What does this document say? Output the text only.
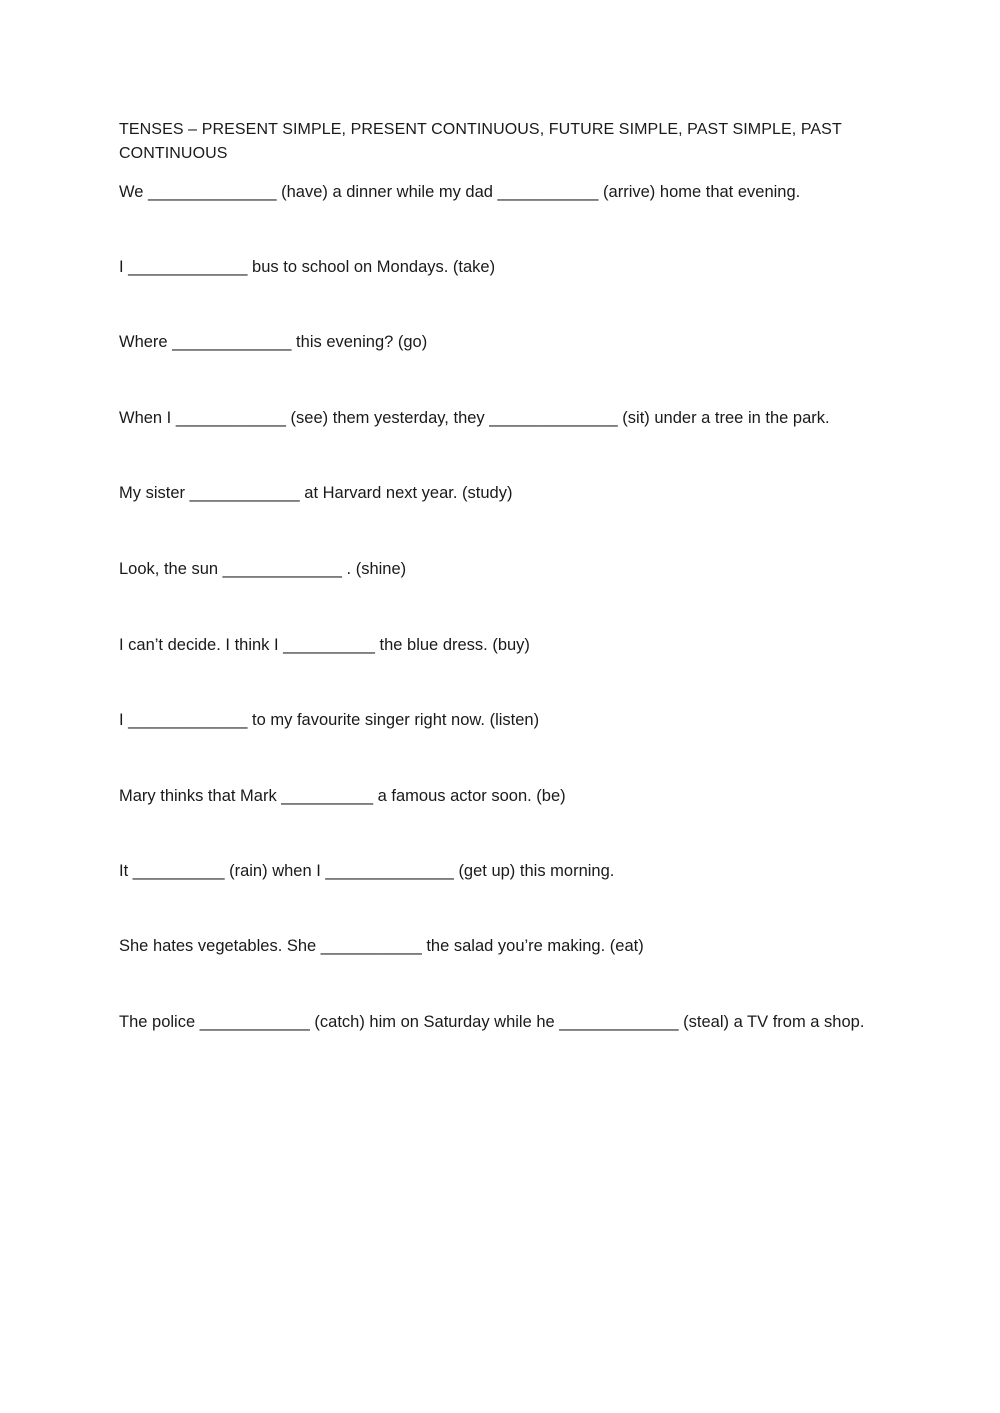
TENSES – PRESENT SIMPLE, PRESENT CONTINUOUS, FUTURE SIMPLE, PAST SIMPLE, PAST CONTINUOUS

We ______________ (have) a dinner while my dad ___________ (arrive) home that evening.

I _____________ bus to school on Mondays. (take)

Where _____________ this evening? (go)

When I ____________ (see) them yesterday, they ______________ (sit) under a tree in the park.

My sister ____________ at Harvard next year. (study)

Look, the sun _____________ . (shine)

I can’t decide. I think I __________ the blue dress. (buy)

I _____________ to my favourite singer right now. (listen)

Mary thinks that Mark __________ a famous actor soon. (be)

It __________ (rain) when I ______________ (get up) this morning.

She hates vegetables. She ___________ the salad you’re making. (eat)

The police ____________ (catch) him on Saturday while he _____________ (steal) a TV from a shop.
